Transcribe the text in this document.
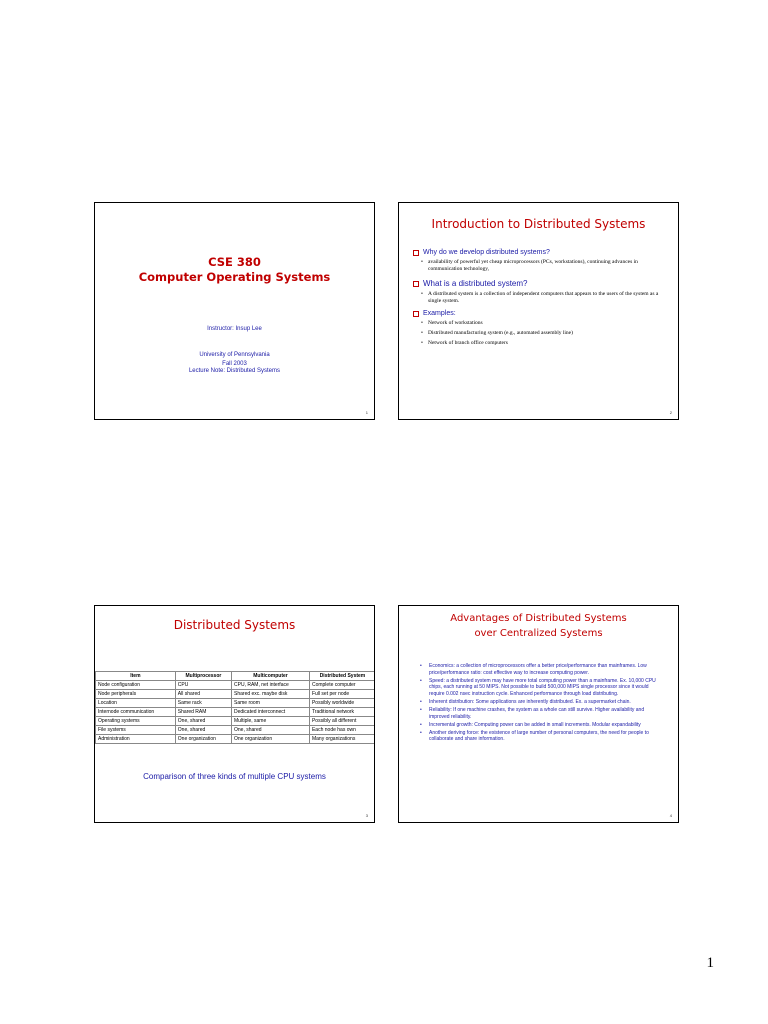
CSE 380
Computer Operating Systems
Instructor: Insup Lee
University of Pennsylvania
Fall 2003
Lecture Note: Distributed Systems
1
Introduction to Distributed Systems
Why do we develop distributed systems?
• availability of powerful yet cheap microprocessors (PCs, workstations), continuing advances in communication technology,
What is a distributed system?
• A distributed system is a collection of independent computers that appears to the users of the system as a single system.
Examples:
• Network of workstations
• Distributed manufacturing system (e.g., automated assembly line)
• Network of branch office computers
2
Distributed Systems
Item	Multiprocessor	Multicomputer	Distributed System
Node configuration	CPU	CPU, RAM, net interface	Complete computer
Node peripherals	All shared	Shared exc. maybe disk	Full set per node
Location	Same rack	Same room	Possibly worldwide
Internode communication	Shared RAM	Dedicated interconnect	Traditional network
Operating systems	One, shared	Multiple, same	Possibly all different
File systems	One, shared	One, shared	Each node has own
Administration	One organization	One organization	Many organizations
Comparison of three kinds of multiple CPU systems
3
Advantages of Distributed Systems
over Centralized Systems
• Economics: a collection of microprocessors offer a better price/performance than mainframes. Low price/performance ratio: cost effective way to increase computing power.
• Speed: a distributed system may have more total computing power than a mainframe. Ex. 10,000 CPU chips, each running at 50 MIPS. Not possible to build 500,000 MIPS single processor since it would require 0.002 nsec instruction cycle. Enhanced performance through load distributing.
• Inherent distribution: Some applications are inherently distributed. Ex. a supermarket chain.
• Reliability: If one machine crashes, the system as a whole can still survive. Higher availability and improved reliability.
• Incremental growth: Computing power can be added in small increments. Modular expandability
• Another deriving force: the existence of large number of personal computers, the need for people to collaborate and share information.
4
1
